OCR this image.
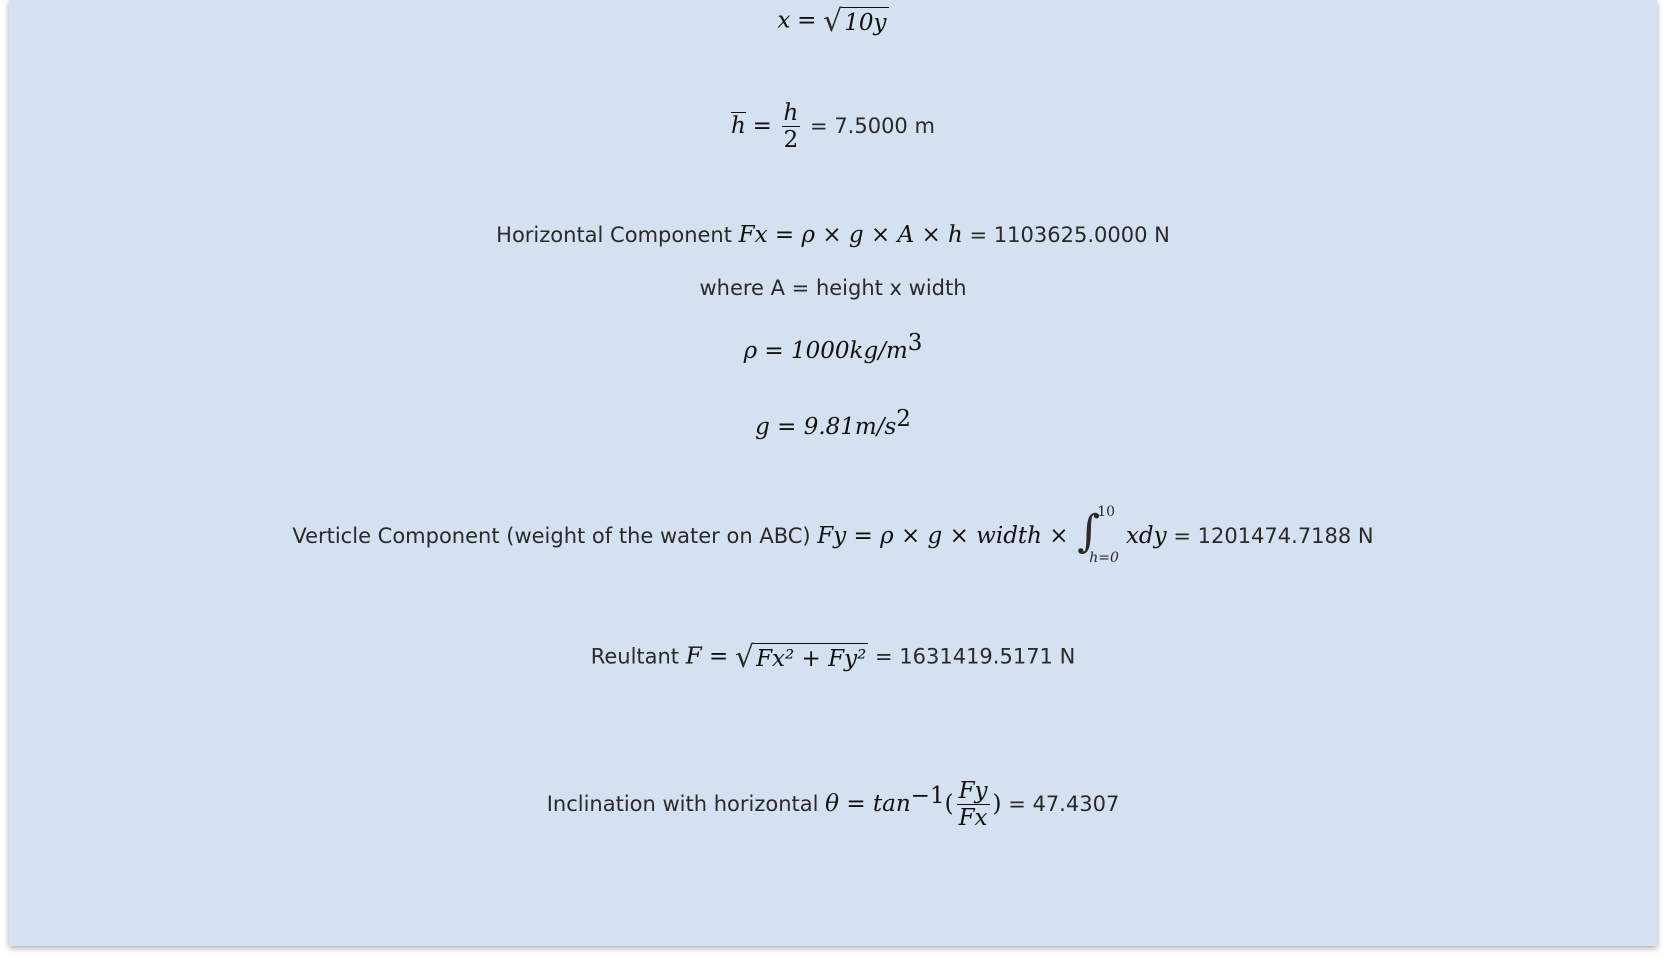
x = √10y
$h = \frac{h}{2} = 7.5000$ m
Horizontal Component Fx = ρ × g × A × h = 1103625.0000 N
where A = height x width
$\rho = 1000kg/m^3$
$g = 9.81m/s^2$
Verticle Component (weight of the water on ABC) Fy = ρ × g × width × ∫
10
h=0
xdy = 1201474.7188 N
Reultant F = √Fx² + Fy² = 1631419.5171 N
Inclination with horizontal $\theta = \tan^{-1}( \frac{Fy}{Fx}$ ) = 47.4307
